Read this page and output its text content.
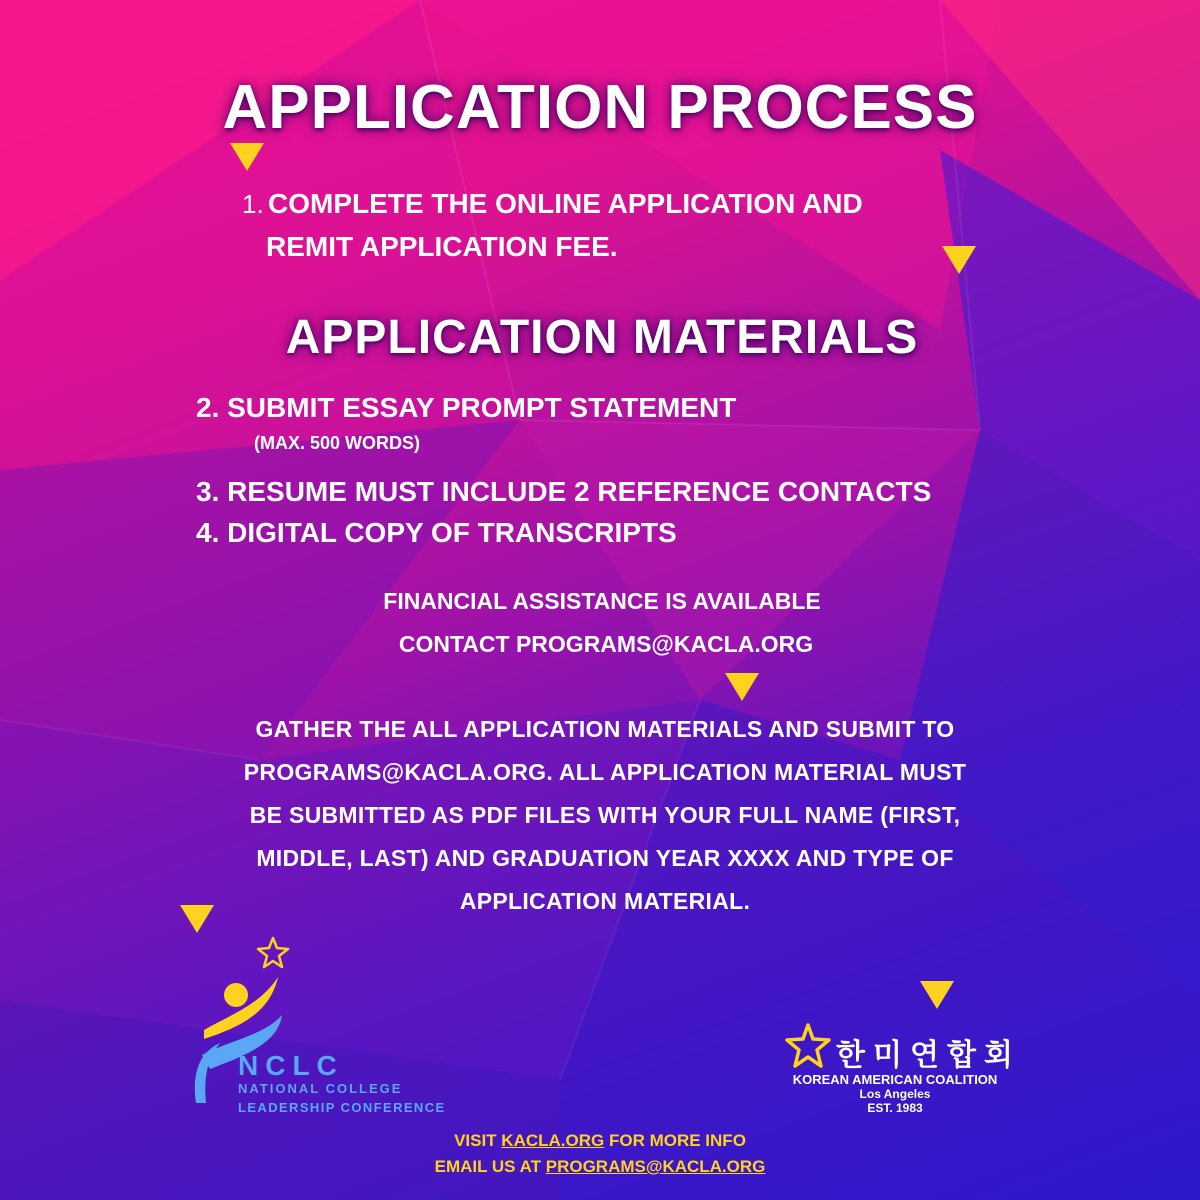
APPLICATION PROCESS
1. COMPLETE THE ONLINE APPLICATION AND
REMIT APPLICATION FEE.
APPLICATION MATERIALS
2. SUBMIT ESSAY PROMPT STATEMENT
(MAX. 500 WORDS)
3. RESUME MUST INCLUDE 2 REFERENCE CONTACTS
4. DIGITAL COPY OF TRANSCRIPTS
FINANCIAL ASSISTANCE IS AVAILABLE
CONTACT PROGRAMS@KACLA.ORG
GATHER THE ALL APPLICATION MATERIALS AND SUBMIT TO
PROGRAMS@KACLA.ORG. ALL APPLICATION MATERIAL MUST
BE SUBMITTED AS PDF FILES WITH YOUR FULL NAME (FIRST,
MIDDLE, LAST) AND GRADUATION YEAR XXXX AND TYPE OF
APPLICATION MATERIAL.
NCLC
NATIONAL COLLEGE
LEADERSHIP CONFERENCE
한미연합회
KOREAN AMERICAN COALITION
Los Angeles
EST. 1983
VISIT KACLA.ORG FOR MORE INFO
EMAIL US AT PROGRAMS@KACLA.ORG
